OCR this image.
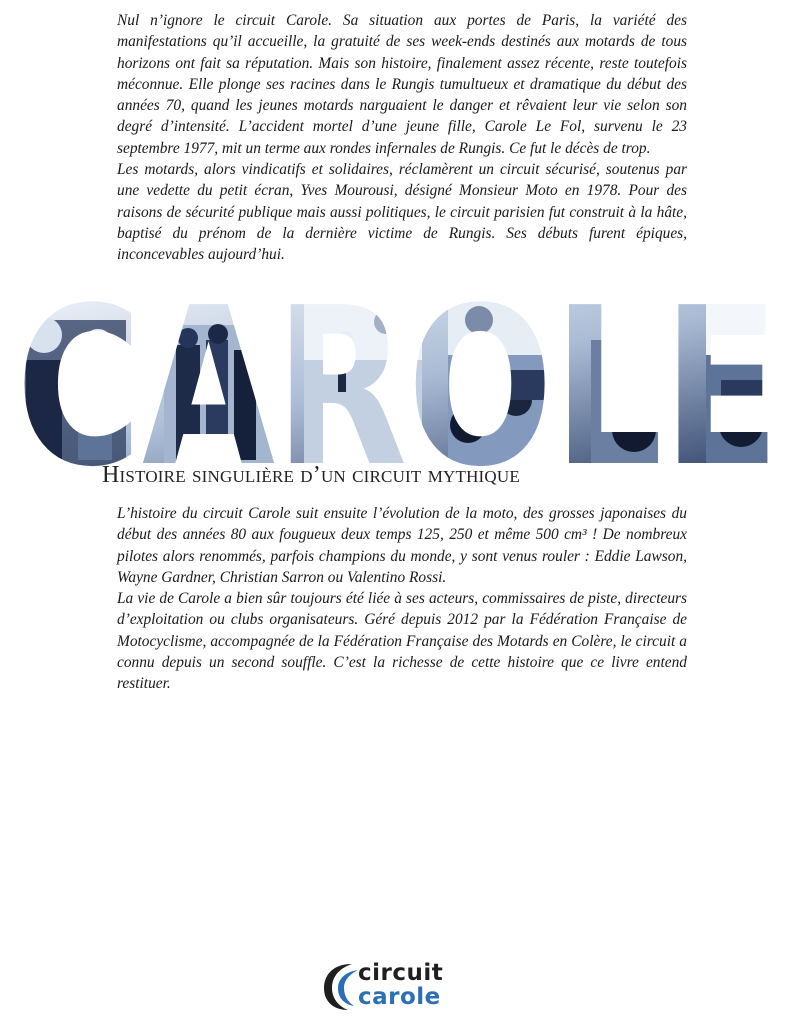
Nul n’ignore le circuit Carole. Sa situation aux portes de Paris, la variété des manifestations qu’il accueille, la gratuité de ses week-ends destinés aux motards de tous horizons ont fait sa réputation. Mais son histoire, finalement assez récente, reste toutefois méconnue. Elle plonge ses racines dans le Rungis tumultueux et dramatique du début des années 70, quand les jeunes motards narguaient le danger et rêvaient leur vie selon son degré d’intensité. L’accident mortel d’une jeune fille, Carole Le Fol, survenu le 23 septembre 1977, mit un terme aux rondes infernales de Rungis. Ce fut le décès de trop.

Les motards, alors vindicatifs et solidaires, réclamèrent un circuit sécurisé, soutenus par une vedette du petit écran, Yves Mourousi, désigné Monsieur Moto en 1978. Pour des raisons de sécurité publique mais aussi politiques, le circuit parisien fut construit à la hâte, baptisé du prénom de la dernière victime de Rungis. Ses débuts furent épiques, inconcevables aujourd’hui.

CAROLE
Histoire singulière d’un circuit mythique

L’histoire du circuit Carole suit ensuite l’évolution de la moto, des grosses japonaises du début des années 80 aux fougueux deux temps 125, 250 et même 500 cm³ ! De nombreux pilotes alors renommés, parfois champions du monde, y sont venus rouler : Eddie Lawson, Wayne Gardner, Christian Sarron ou Valentino Rossi.

La vie de Carole a bien sûr toujours été liée à ses acteurs, commissaires de piste, directeurs d’exploitation ou clubs organisateurs. Géré depuis 2012 par la Fédération Française de Motocyclisme, accompagnée de la Fédération Française des Motards en Colère, le circuit a connu depuis un second souffle. C’est la richesse de cette histoire que ce livre entend restituer.

circuit
carole
